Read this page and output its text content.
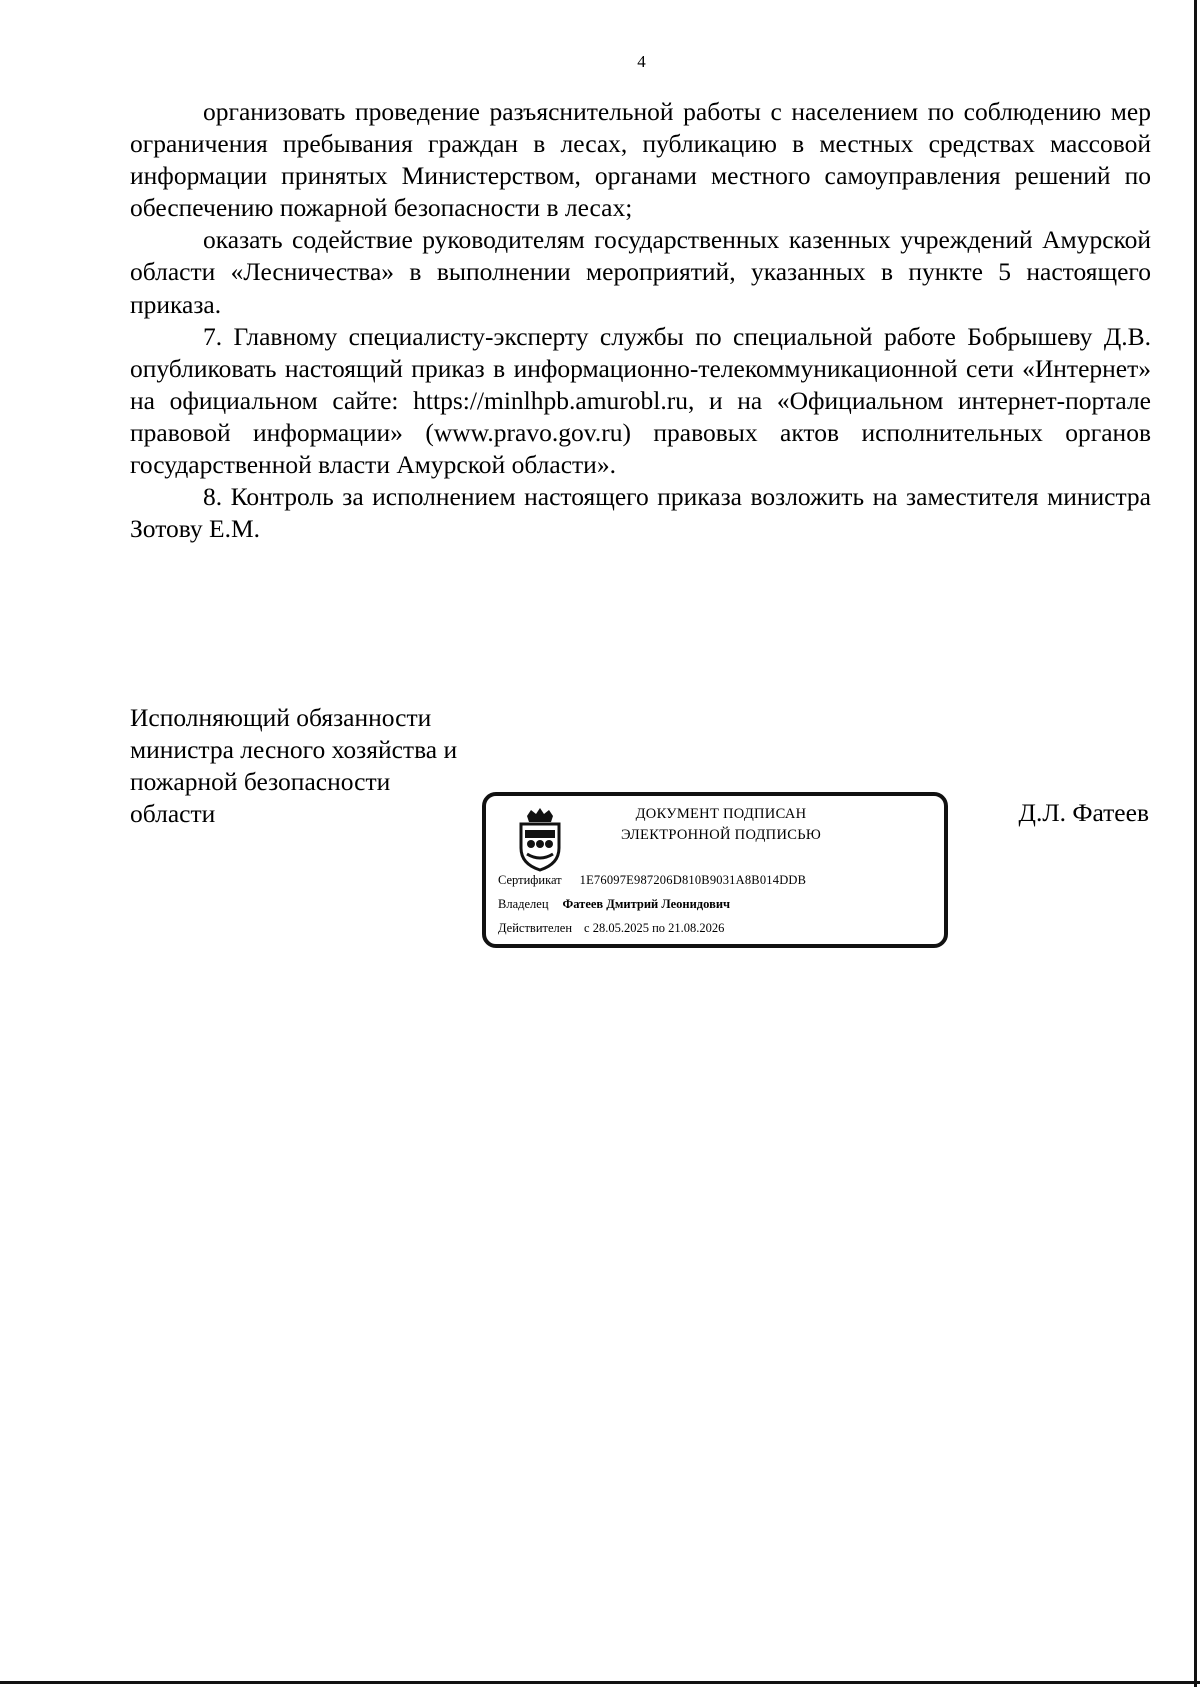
4

организовать проведение разъяснительной работы с населением по соблюдению мер ограничения пребывания граждан в лесах, публикацию в местных средствах массовой информации принятых Министерством, органами местного самоуправления решений по обеспечению пожарной безопасности в лесах;

оказать содействие руководителям государственных казенных учреждений Амурской области «Лесничества» в выполнении мероприятий, указанных в пункте 5 настоящего приказа.

7. Главному специалисту-эксперту службы по специальной работе Бобрышеву Д.В. опубликовать настоящий приказ в информационно-телекоммуникационной сети «Интернет» на официальном сайте: https://minlhpb.amurobl.ru, и на «Официальном интернет-портале правовой информации» (www.pravo.gov.ru) правовых актов исполнительных органов государственной власти Амурской области».

8. Контроль за исполнением настоящего приказа возложить на заместителя министра Зотову Е.М.

Исполняющий обязанности
министра лесного хозяйства и
пожарной безопасности
области	ДОКУМЕНТ ПОДПИСАН
ЭЛЕКТРОННОЙ ПОДПИСЬЮ
Сертификат 1E76097E987206D810B9031A8B014DDB
Владелец Фатеев Дмитрий Леонидович
Действителен с 28.05.2025 по 21.08.2026
Д.Л. Фатеев
